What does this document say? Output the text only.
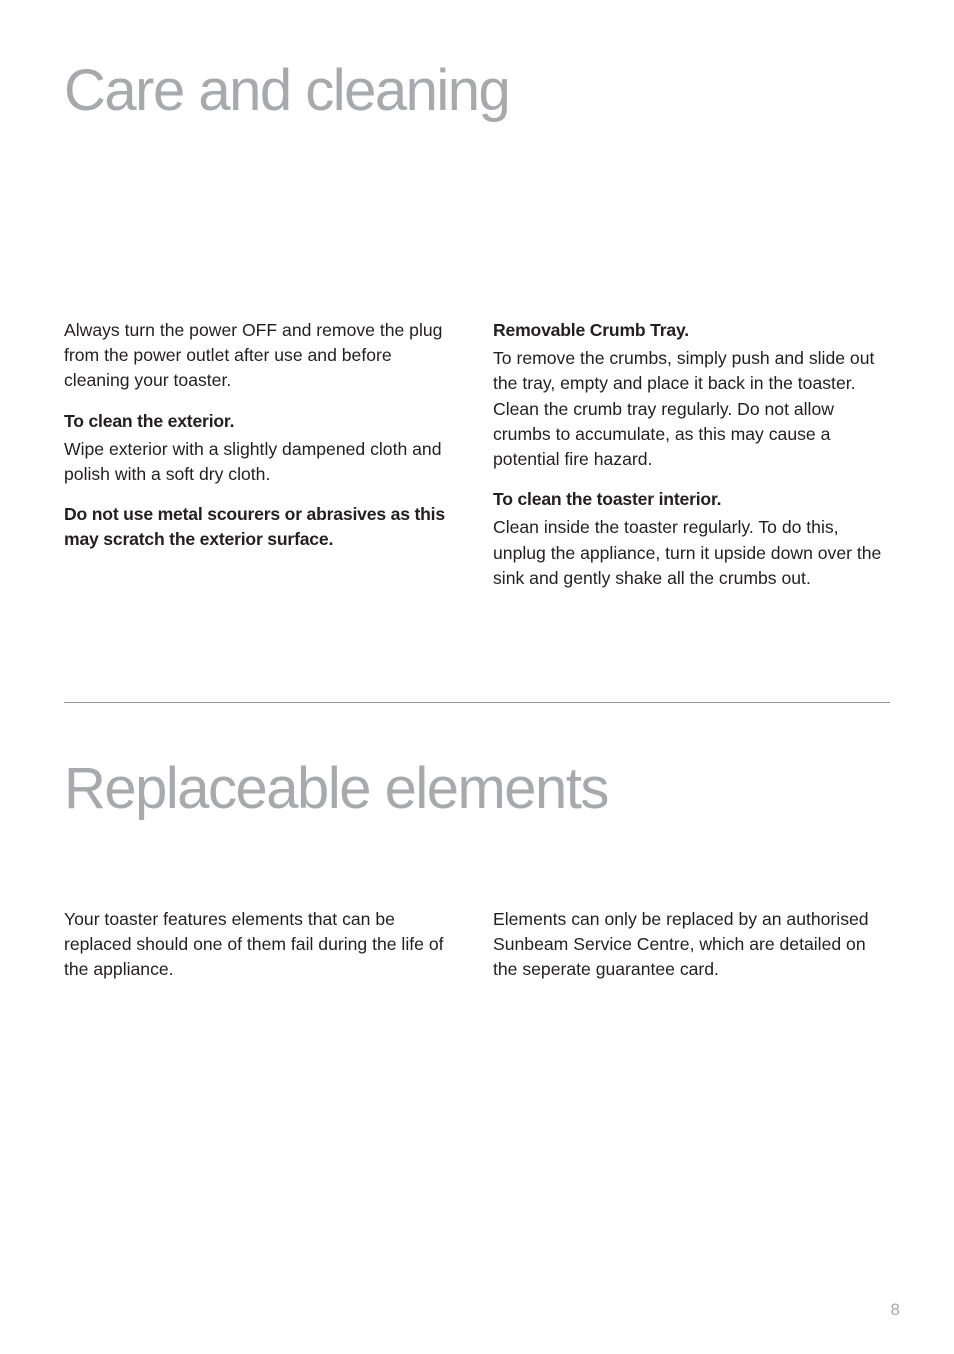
Care and cleaning

Always turn the power OFF and remove the plug from the power outlet after use and before cleaning your toaster.

To clean the exterior.

Wipe exterior with a slightly dampened cloth and polish with a soft dry cloth.

Do not use metal scourers or abrasives as this may scratch the exterior surface.

Removable Crumb Tray.

To remove the crumbs, simply push and slide out the tray, empty and place it back in the toaster. Clean the crumb tray regularly. Do not allow crumbs to accumulate, as this may cause a potential fire hazard.

To clean the toaster interior.

Clean inside the toaster regularly. To do this, unplug the appliance, turn it upside down over the sink and gently shake all the crumbs out.

Replaceable elements

Your toaster features elements that can be replaced should one of them fail during the life of the appliance.

Elements can only be replaced by an authorised Sunbeam Service Centre, which are detailed on the seperate guarantee card.

8
